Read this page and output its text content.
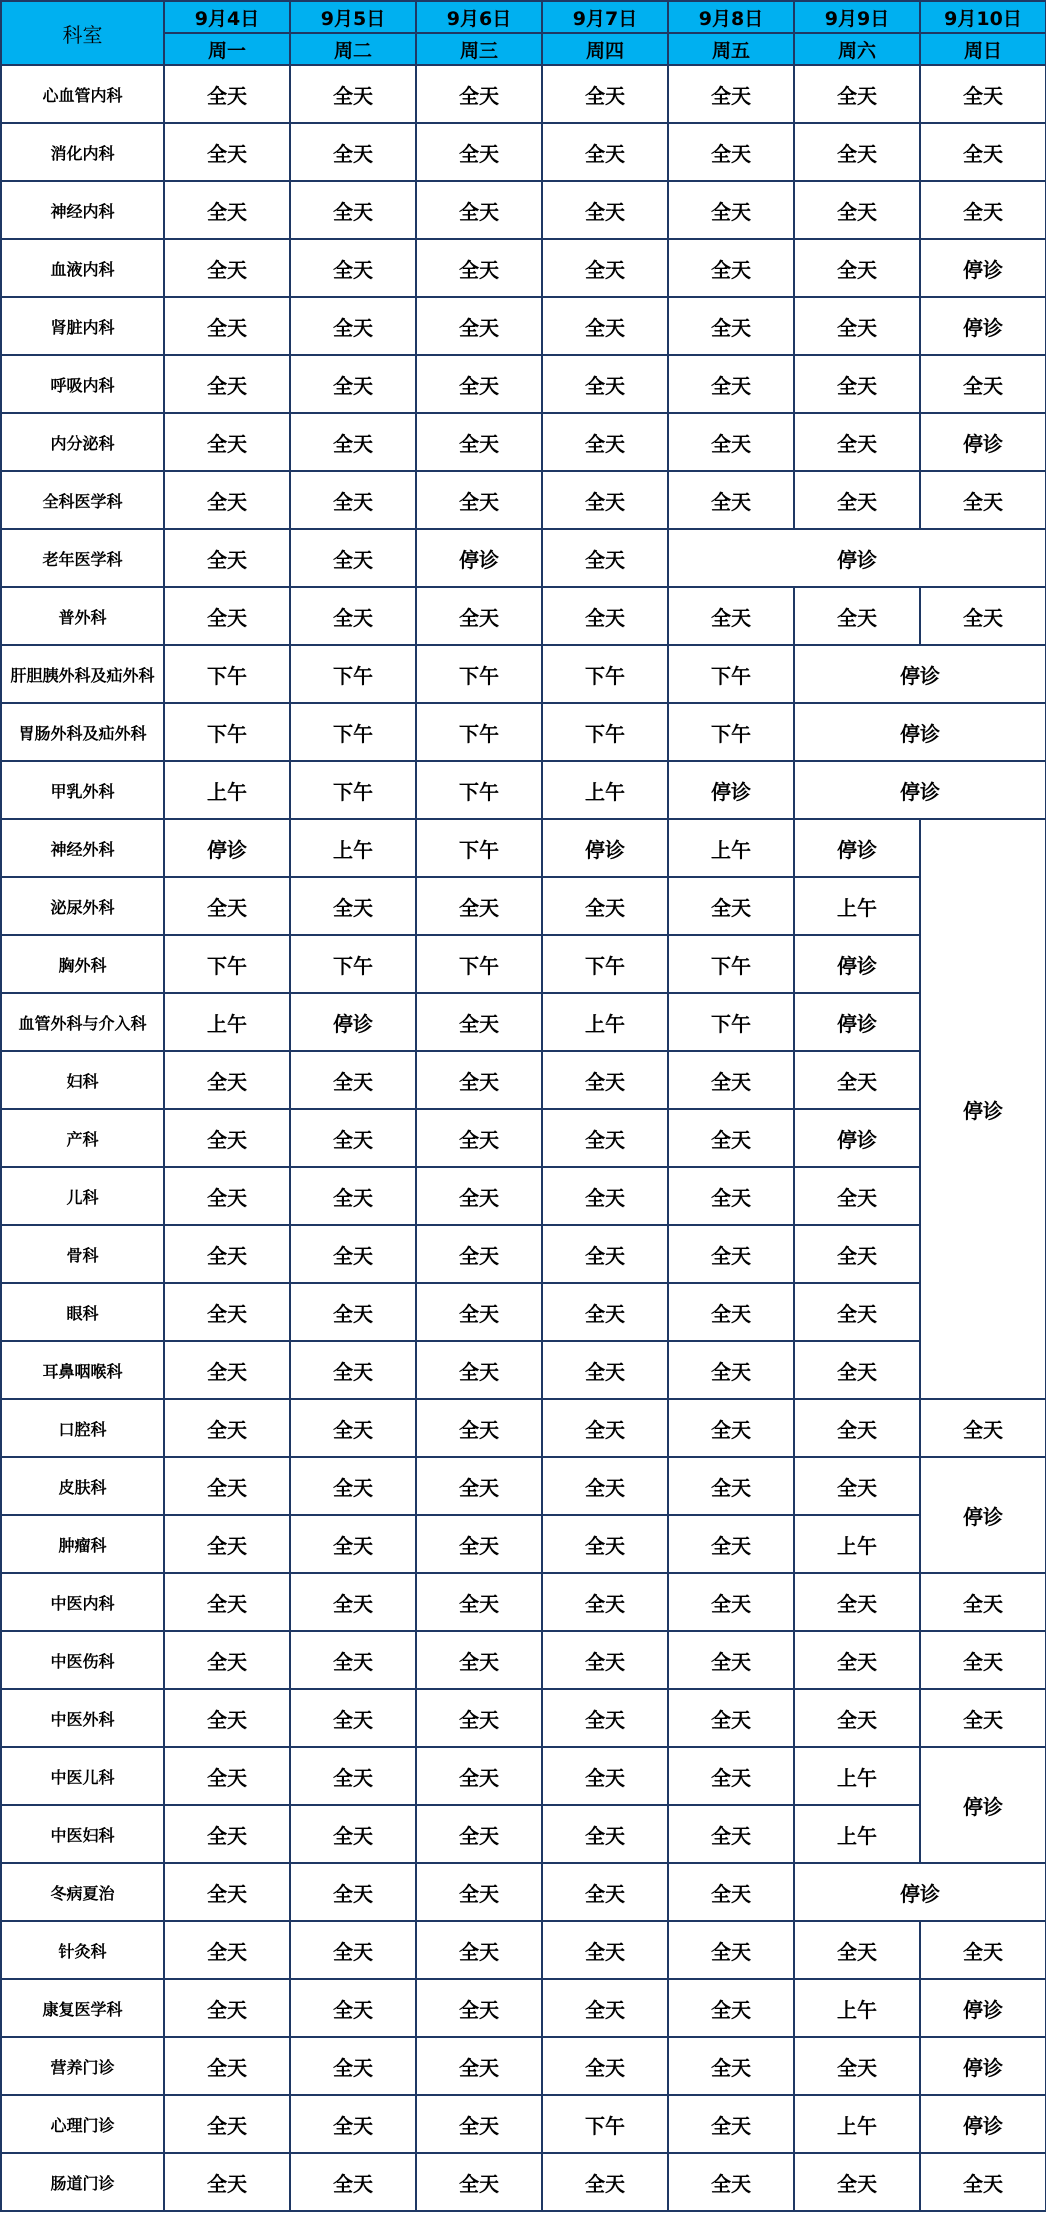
科室	9月4日	9月5日	9月6日	9月7日	9月8日	9月9日	9月10日
	周一	周二	周三	周四	周五	周六	周日
心血管内科	全天	全天	全天	全天	全天	全天	全天
消化内科	全天	全天	全天	全天	全天	全天	全天
神经内科	全天	全天	全天	全天	全天	全天	全天
血液内科	全天	全天	全天	全天	全天	全天	停诊
肾脏内科	全天	全天	全天	全天	全天	全天	停诊
呼吸内科	全天	全天	全天	全天	全天	全天	全天
内分泌科	全天	全天	全天	全天	全天	全天	停诊
全科医学科	全天	全天	全天	全天	全天	全天	全天
老年医学科	全天	全天	停诊	全天	停诊		
普外科	全天	全天	全天	全天	全天	全天	全天
肝胆胰外科及疝外科	下午	下午	下午	下午	下午	停诊	
胃肠外科及疝外科	下午	下午	下午	下午	下午	停诊	
甲乳外科	上午	下午	下午	上午	停诊	停诊	
神经外科	停诊	上午	下午	停诊	上午	停诊	停诊
泌尿外科	全天	全天	全天	全天	全天	上午	
胸外科	下午	下午	下午	下午	下午	停诊	
血管外科与介入科	上午	停诊	全天	上午	下午	停诊	
妇科	全天	全天	全天	全天	全天	全天	
产科	全天	全天	全天	全天	全天	停诊	
儿科	全天	全天	全天	全天	全天	全天	
骨科	全天	全天	全天	全天	全天	全天	
眼科	全天	全天	全天	全天	全天	全天	
耳鼻咽喉科	全天	全天	全天	全天	全天	全天	
口腔科	全天	全天	全天	全天	全天	全天	全天
皮肤科	全天	全天	全天	全天	全天	全天	停诊
肿瘤科	全天	全天	全天	全天	全天	上午	
中医内科	全天	全天	全天	全天	全天	全天	全天
中医伤科	全天	全天	全天	全天	全天	全天	全天
中医外科	全天	全天	全天	全天	全天	全天	全天
中医儿科	全天	全天	全天	全天	全天	上午	停诊
中医妇科	全天	全天	全天	全天	全天	上午	
冬病夏治	全天	全天	全天	全天	全天	停诊	
针灸科	全天	全天	全天	全天	全天	全天	全天
康复医学科	全天	全天	全天	全天	全天	上午	停诊
营养门诊	全天	全天	全天	全天	全天	全天	停诊
心理门诊	全天	全天	全天	下午	全天	上午	停诊
肠道门诊	全天	全天	全天	全天	全天	全天	全天
